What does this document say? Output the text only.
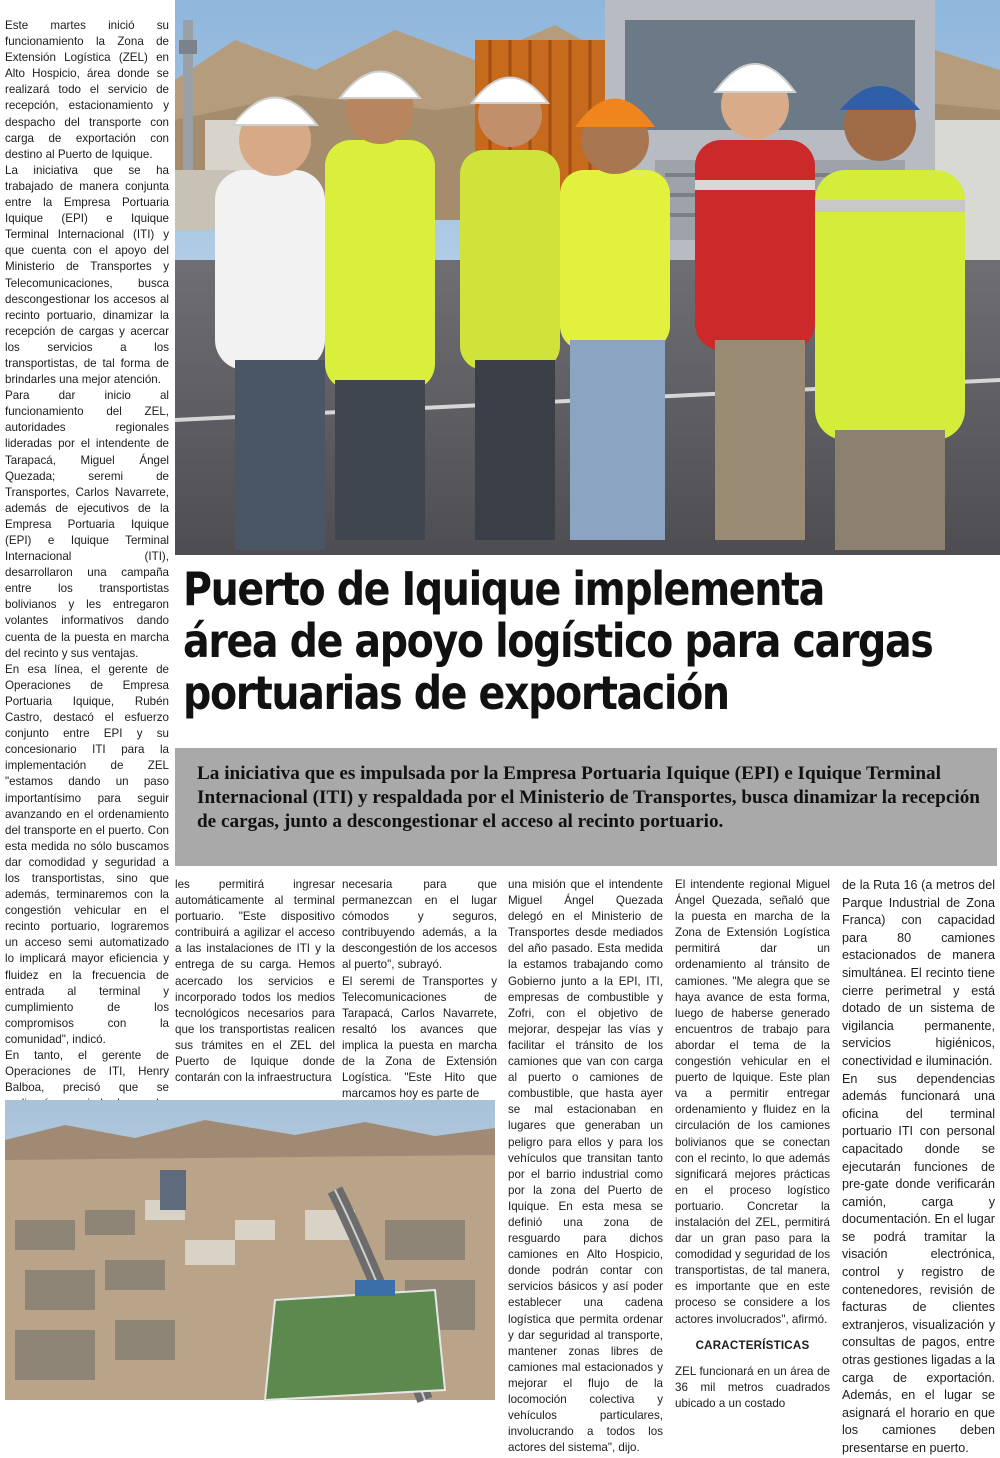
Este martes inició su funcionamiento la Zona de Extensión Logística (ZEL) en Alto Hospicio, área donde se realizará todo el servicio de recepción, estacionamiento y despacho del transporte con carga de exportación con destino al Puerto de Iquique.

La iniciativa que se ha trabajado de manera conjunta entre la Empresa Portuaria Iquique (EPI) e Iquique Terminal Internacional (ITI) y que cuenta con el apoyo del Ministerio de Transportes y Telecomunicaciones, busca descongestionar los accesos al recinto portuario, dinamizar la recepción de cargas y acercar los servicios a los transportistas, de tal forma de brindarles una mejor atención.

Para dar inicio al funcionamiento del ZEL, autoridades regionales lideradas por el intendente de Tarapacá, Miguel Ángel Quezada; seremi de Transportes, Carlos Navarrete, además de ejecutivos de la Empresa Portuaria Iquique (EPI) e Iquique Terminal Internacional (ITI), desarrollaron una campaña entre los transportistas bolivianos y les entregaron volantes informativos dando cuenta de la puesta en marcha del recinto y sus ventajas.

En esa línea, el gerente de Operaciones de Empresa Portuaria Iquique, Rubén Castro, destacó el esfuerzo conjunto entre EPI y su concesionario ITI para la implementación de ZEL "estamos dando un paso importantísimo para seguir avanzando en el ordenamiento del transporte en el puerto. Con esta medida no sólo buscamos dar comodidad y seguridad a los transportistas, sino que además, terminaremos con la congestión vehicular en el recinto portuario, lograremos un acceso semi automatizado lo implicará mayor eficiencia y fluidez en la frecuencia de entrada al terminal y cumplimiento de los compromisos con la comunidad", indicó.

En tanto, el gerente de Operaciones de ITI, Henry Balboa, precisó que se

Puerto de Iquique implementa
área de apoyo logístico para cargas
portuarias de exportación
La iniciativa que es impulsada por la Empresa Portuaria Iquique (EPI) e Iquique Terminal Internacional (ITI) y respaldada por el Ministerio de Transportes, busca dinamizar la recepción de cargas, junto a descongestionar el acceso al recinto portuario.

les permitirá ingresar automáticamente al terminal portuario. "Este dispositivo contribuirá a agilizar el acceso a las instalaciones de ITI y la entrega de su carga. Hemos acercado los servicios e incorporado todos los medios tecnológicos necesarios para que los transportistas realicen sus trámites en el ZEL del Puerto de Iquique donde contarán con la infraestructura

necesaria para que permanezcan en el lugar cómodos y seguros, contribuyendo además, a la descongestión de los accesos al puerto", subrayó.

El seremi de Transportes y Telecomunicaciones de Tarapacá, Carlos Navarrete, resaltó los avances que implica la puesta en marcha de la Zona de Extensión Logística. "Este Hito que marcamos hoy es parte de

una misión que el intendente Miguel Ángel Quezada delegó en el Ministerio de Transportes desde mediados del año pasado. Esta medida la estamos trabajando como Gobierno junto a la EPI, ITI, empresas de combustible y Zofri, con el objetivo de mejorar, despejar las vías y facilitar el tránsito de los camiones que van con carga al puerto o camiones de combustible, que hasta ayer se mal estacionaban en lugares que generaban un peligro para ellos y para los vehículos que transitan tanto por el barrio industrial como por la zona del Puerto de Iquique. En esta mesa se definió una zona de resguardo para dichos camiones en Alto Hospicio, donde podrán contar con servicios básicos y así poder establecer una cadena logística que permita ordenar y dar seguridad al transporte, mantener zonas libres de camiones mal estacionados y mejorar el flujo de la locomoción colectiva y vehículos particulares, involucrando a todos los actores del sistema", dijo.

El intendente regional Miguel Ángel Quezada, señaló que la puesta en marcha de la Zona de Extensión Logística permitirá dar un ordenamiento al tránsito de camiones. "Me alegra que se haya avance de esta forma, luego de haberse generado encuentros de trabajo para abordar el tema de la congestión vehicular en el puerto de Iquique. Este plan va a permitir entregar ordenamiento y fluidez en la circulación de los camiones bolivianos que se conectan con el recinto, lo que además significará mejores prácticas en el proceso logístico portuario. Concretar la instalación del ZEL, permitirá dar un gran paso para la comodidad y seguridad de los transportistas, de tal manera, es importante que en este proceso se considere a los actores involucrados", afirmó.

CARACTERÍSTICAS

ZEL funcionará en un área de 36 mil metros cuadrados ubicado a un costado

de la Ruta 16 (a metros del Parque Industrial de Zona Franca) con capacidad para 80 camiones estacionados de manera simultánea. El recinto tiene cierre perimetral y está dotado de un sistema de vigilancia permanente, servicios higiénicos, conectividad e iluminación.

En sus dependencias además funcionará una oficina del terminal portuario ITI con personal capacitado donde se ejecutarán funciones de pre-gate donde verificarán camión, carga y documentación. En el lugar se podrá tramitar la visación electrónica, control y registro de contenedores, revisión de facturas de clientes extranjeros, visualización y consultas de pagos, entre otras gestiones ligadas a la carga de exportación. Además, en el lugar se asignará el horario en que los camiones deben presentarse en puerto.
